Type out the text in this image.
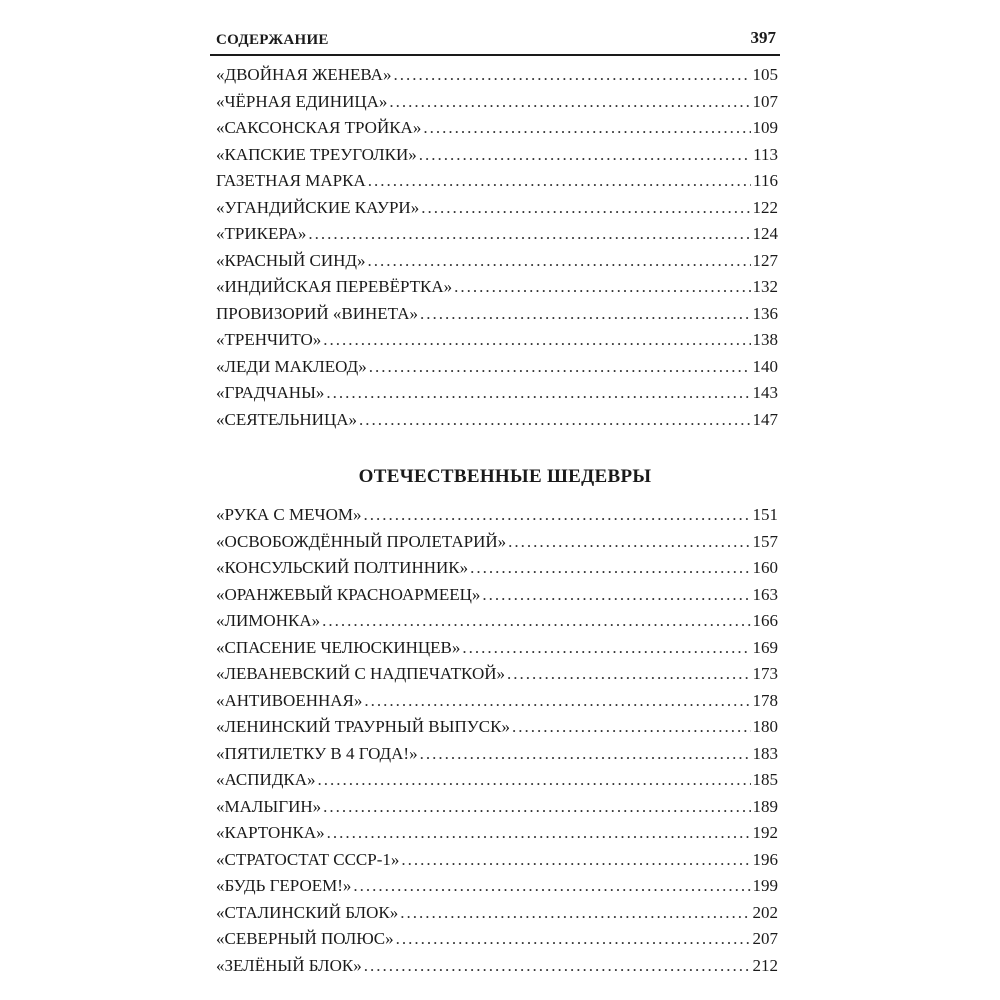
СОДЕРЖАНИЕ	397
«ДВОЙНАЯ ЖЕНЕВА» .....	105
«ЧЁРНАЯ ЕДИНИЦА» .....	107
«САКСОНСКАЯ ТРОЙКА» .....	109
«КАПСКИЕ ТРЕУГОЛКИ» .....	113
ГАЗЕТНАЯ МАРКА .....	116
«УГАНДИЙСКИЕ КАУРИ» .....	122
«ТРИКЕРА» .....	124
«КРАСНЫЙ СИНД» .....	127
«ИНДИЙСКАЯ ПЕРЕВЁРТКА» .....	132
ПРОВИЗОРИЙ «ВИНЕТА» .....	136
«ТРЕНЧИТО» .....	138
«ЛЕДИ МАКЛЕОД» .....	140
«ГРАДЧАНЫ» .....	143
«СЕЯТЕЛЬНИЦА» .....	147
ОТЕЧЕСТВЕННЫЕ ШЕДЕВРЫ
«РУКА С МЕЧОМ» .....	151
«ОСВОБОЖДЁННЫЙ ПРОЛЕТАРИЙ» .....	157
«КОНСУЛЬСКИЙ ПОЛТИННИК» .....	160
«ОРАНЖЕВЫЙ КРАСНОАРМЕЕЦ» .....	163
«ЛИМОНКА» .....	166
«СПАСЕНИЕ ЧЕЛЮСКИНЦЕВ» .....	169
«ЛЕВАНЕВСКИЙ С НАДПЕЧАТКОЙ» .....	173
«АНТИВОЕННАЯ» .....	178
«ЛЕНИНСКИЙ ТРАУРНЫЙ ВЫПУСК» .....	180
«ПЯТИЛЕТКУ В 4 ГОДА!» .....	183
«АСПИДКА» .....	185
«МАЛЫГИН» .....	189
«КАРТОНКА» .....	192
«СТРАТОСТАТ СССР-1» .....	196
«БУДЬ ГЕРОЕМ!» .....	199
«СТАЛИНСКИЙ БЛОК» .....	202
«СЕВЕРНЫЙ ПОЛЮС» .....	207
«ЗЕЛЁНЫЙ БЛОК» .....	212
